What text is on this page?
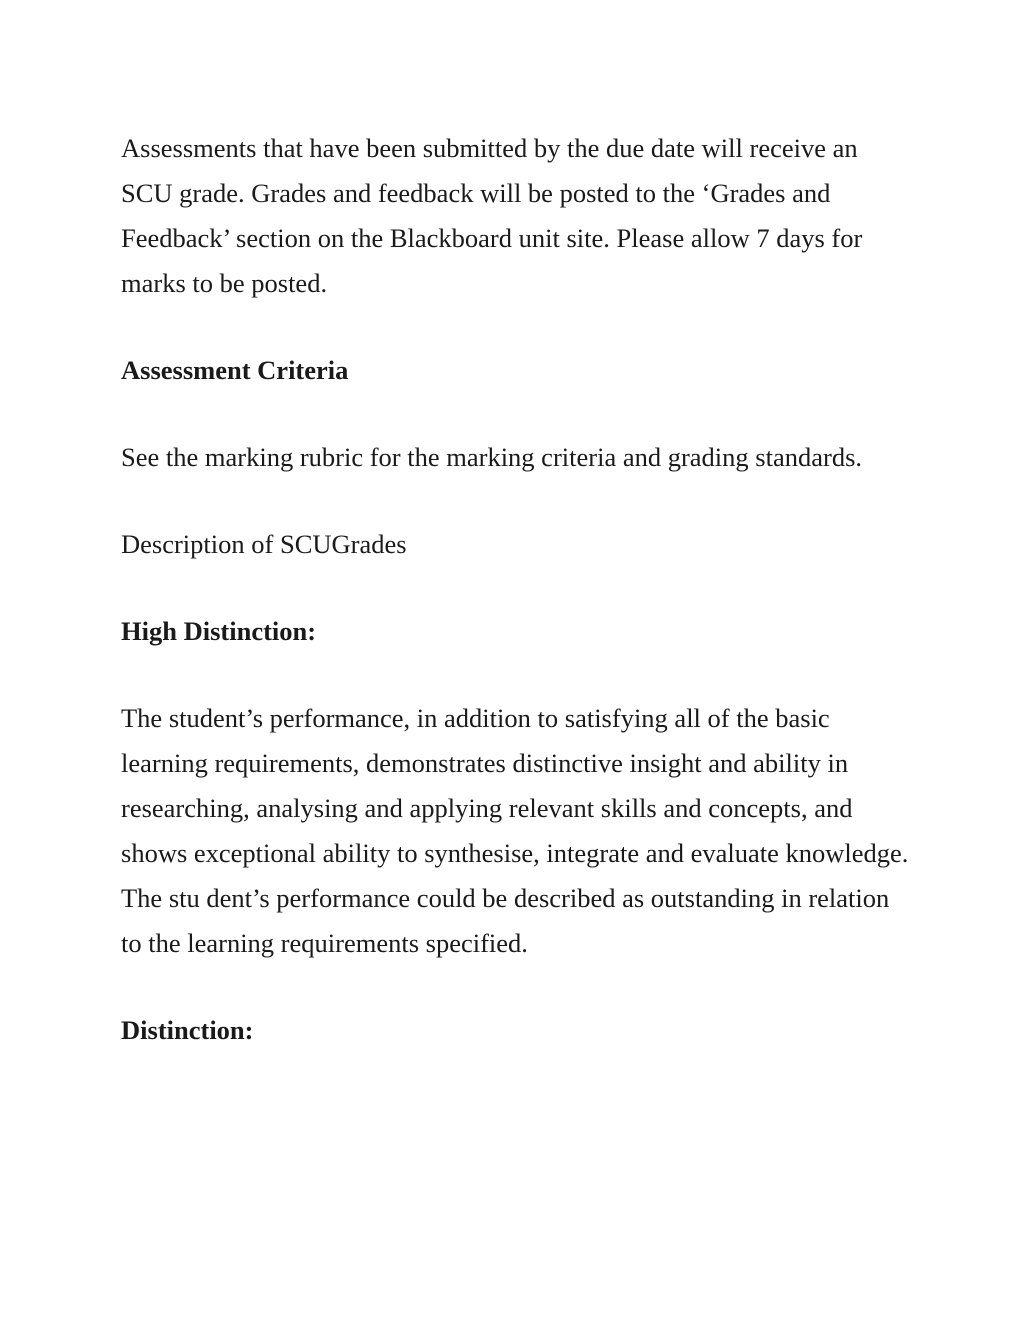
Assessments that have been submitted by the due date will receive an SCU grade. Grades and feedback will be posted to the ‘Grades and Feedback’ section on the Blackboard unit site. Please allow 7 days for marks to be posted.

Assessment Criteria

See the marking rubric for the marking criteria and grading standards.

Description of SCUGrades

High Distinction:

The student’s performance, in addition to satisfying all of the basic learning requirements, demonstrates distinctive insight and ability in researching, analysing and applying relevant skills and concepts, and shows exceptional ability to synthesise, integrate and evaluate knowledge. The stu dent’s performance could be described as outstanding in relation to the learning requirements specified.

Distinction:
